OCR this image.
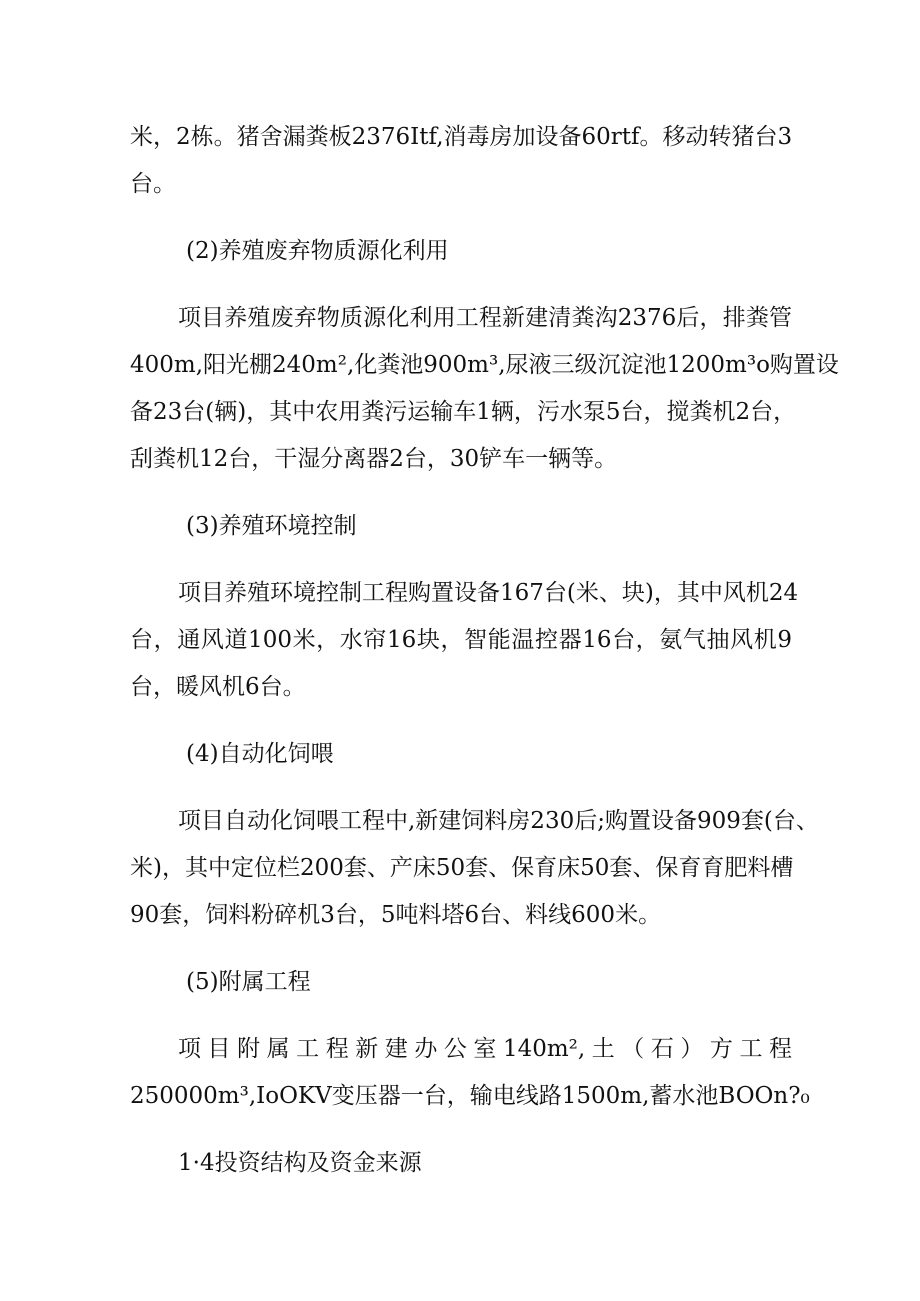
米，2栋。猪舍漏粪板2376Itf,消毒房加设备60rtf。移动转猪台3
台。
(2)养殖废弃物质源化利用
项目养殖废弃物质源化利用工程新建清粪沟2376后，排粪管
400m,阳光棚240m²,化粪池900m³,尿液三级沉淀池1200m³o购置设
备23台(辆)，其中农用粪污运输车1辆，污水泵5台，搅粪机2台，
刮粪机12台，干湿分离器2台，30铲车一辆等。
(3)养殖环境控制
项目养殖环境控制工程购置设备167台(米、块)，其中风机24
台，通风道100米，水帘16块，智能温控器16台，氨气抽风机9
台，暖风机6台。
(4)自动化饲喂
项目自动化饲喂工程中,新建饲料房230后;购置设备909套(台、
米)，其中定位栏200套、产床50套、保育床50套、保育育肥料槽
90套，饲料粉碎机3台，5吨料塔6台、料线600米。
(5)附属工程
项目附属工程新建办公室140m²,土（石）方工程
250000m³,IoOKV变压器一台，输电线路1500m,蓄水池BOOn?₀
1·4投资结构及资金来源
